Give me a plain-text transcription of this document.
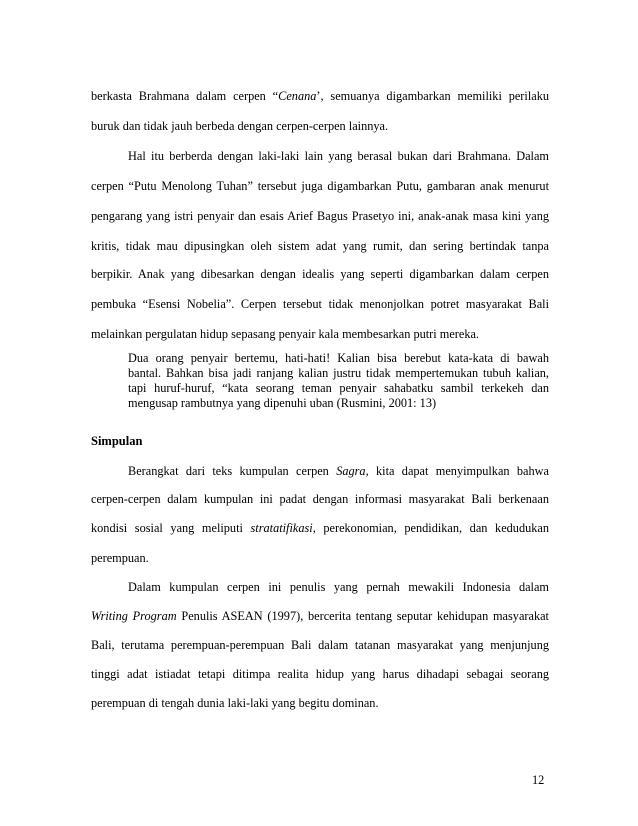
berkasta Brahmana dalam cerpen “Cenana’, semuanya digambarkan memiliki perilaku
buruk dan tidak jauh berbeda dengan cerpen-cerpen lainnya.
Hal itu berberda dengan laki-laki lain yang berasal bukan dari Brahmana. Dalam
cerpen “Putu Menolong Tuhan” tersebut juga digambarkan Putu, gambaran anak menurut
pengarang yang istri penyair dan esais Arief Bagus Prasetyo ini, anak-anak masa kini yang
kritis, tidak mau dipusingkan oleh sistem adat yang rumit, dan sering bertindak tanpa
berpikir. Anak yang dibesarkan dengan idealis yang seperti digambarkan dalam cerpen
pembuka “Esensi Nobelia”. Cerpen tersebut tidak menonjolkan potret masyarakat Bali
melainkan pergulatan hidup sepasang penyair kala membesarkan putri mereka.
Dua orang penyair bertemu, hati-hati! Kalian bisa berebut kata-kata di bawah
bantal. Bahkan bisa jadi ranjang kalian justru tidak mempertemukan tubuh kalian,
tapi huruf-huruf, “kata seorang teman penyair sahabatku sambil terkekeh dan
mengusap rambutnya yang dipenuhi uban (Rusmini, 2001: 13)
Simpulan
Berangkat dari teks kumpulan cerpen Sagra, kita dapat menyimpulkan bahwa
cerpen-cerpen dalam kumpulan ini padat dengan informasi masyarakat Bali berkenaan
kondisi sosial yang meliputi stratatifikasi, perekonomian, pendidikan, dan kedudukan
perempuan.
Dalam kumpulan cerpen ini penulis yang pernah mewakili Indonesia dalam
Writing Program Penulis ASEAN (1997), bercerita tentang seputar kehidupan masyarakat
Bali, terutama perempuan-perempuan Bali dalam tatanan masyarakat yang menjunjung
tinggi adat istiadat tetapi ditimpa realita hidup yang harus dihadapi sebagai seorang
perempuan di tengah dunia laki-laki yang begitu dominan.
12
